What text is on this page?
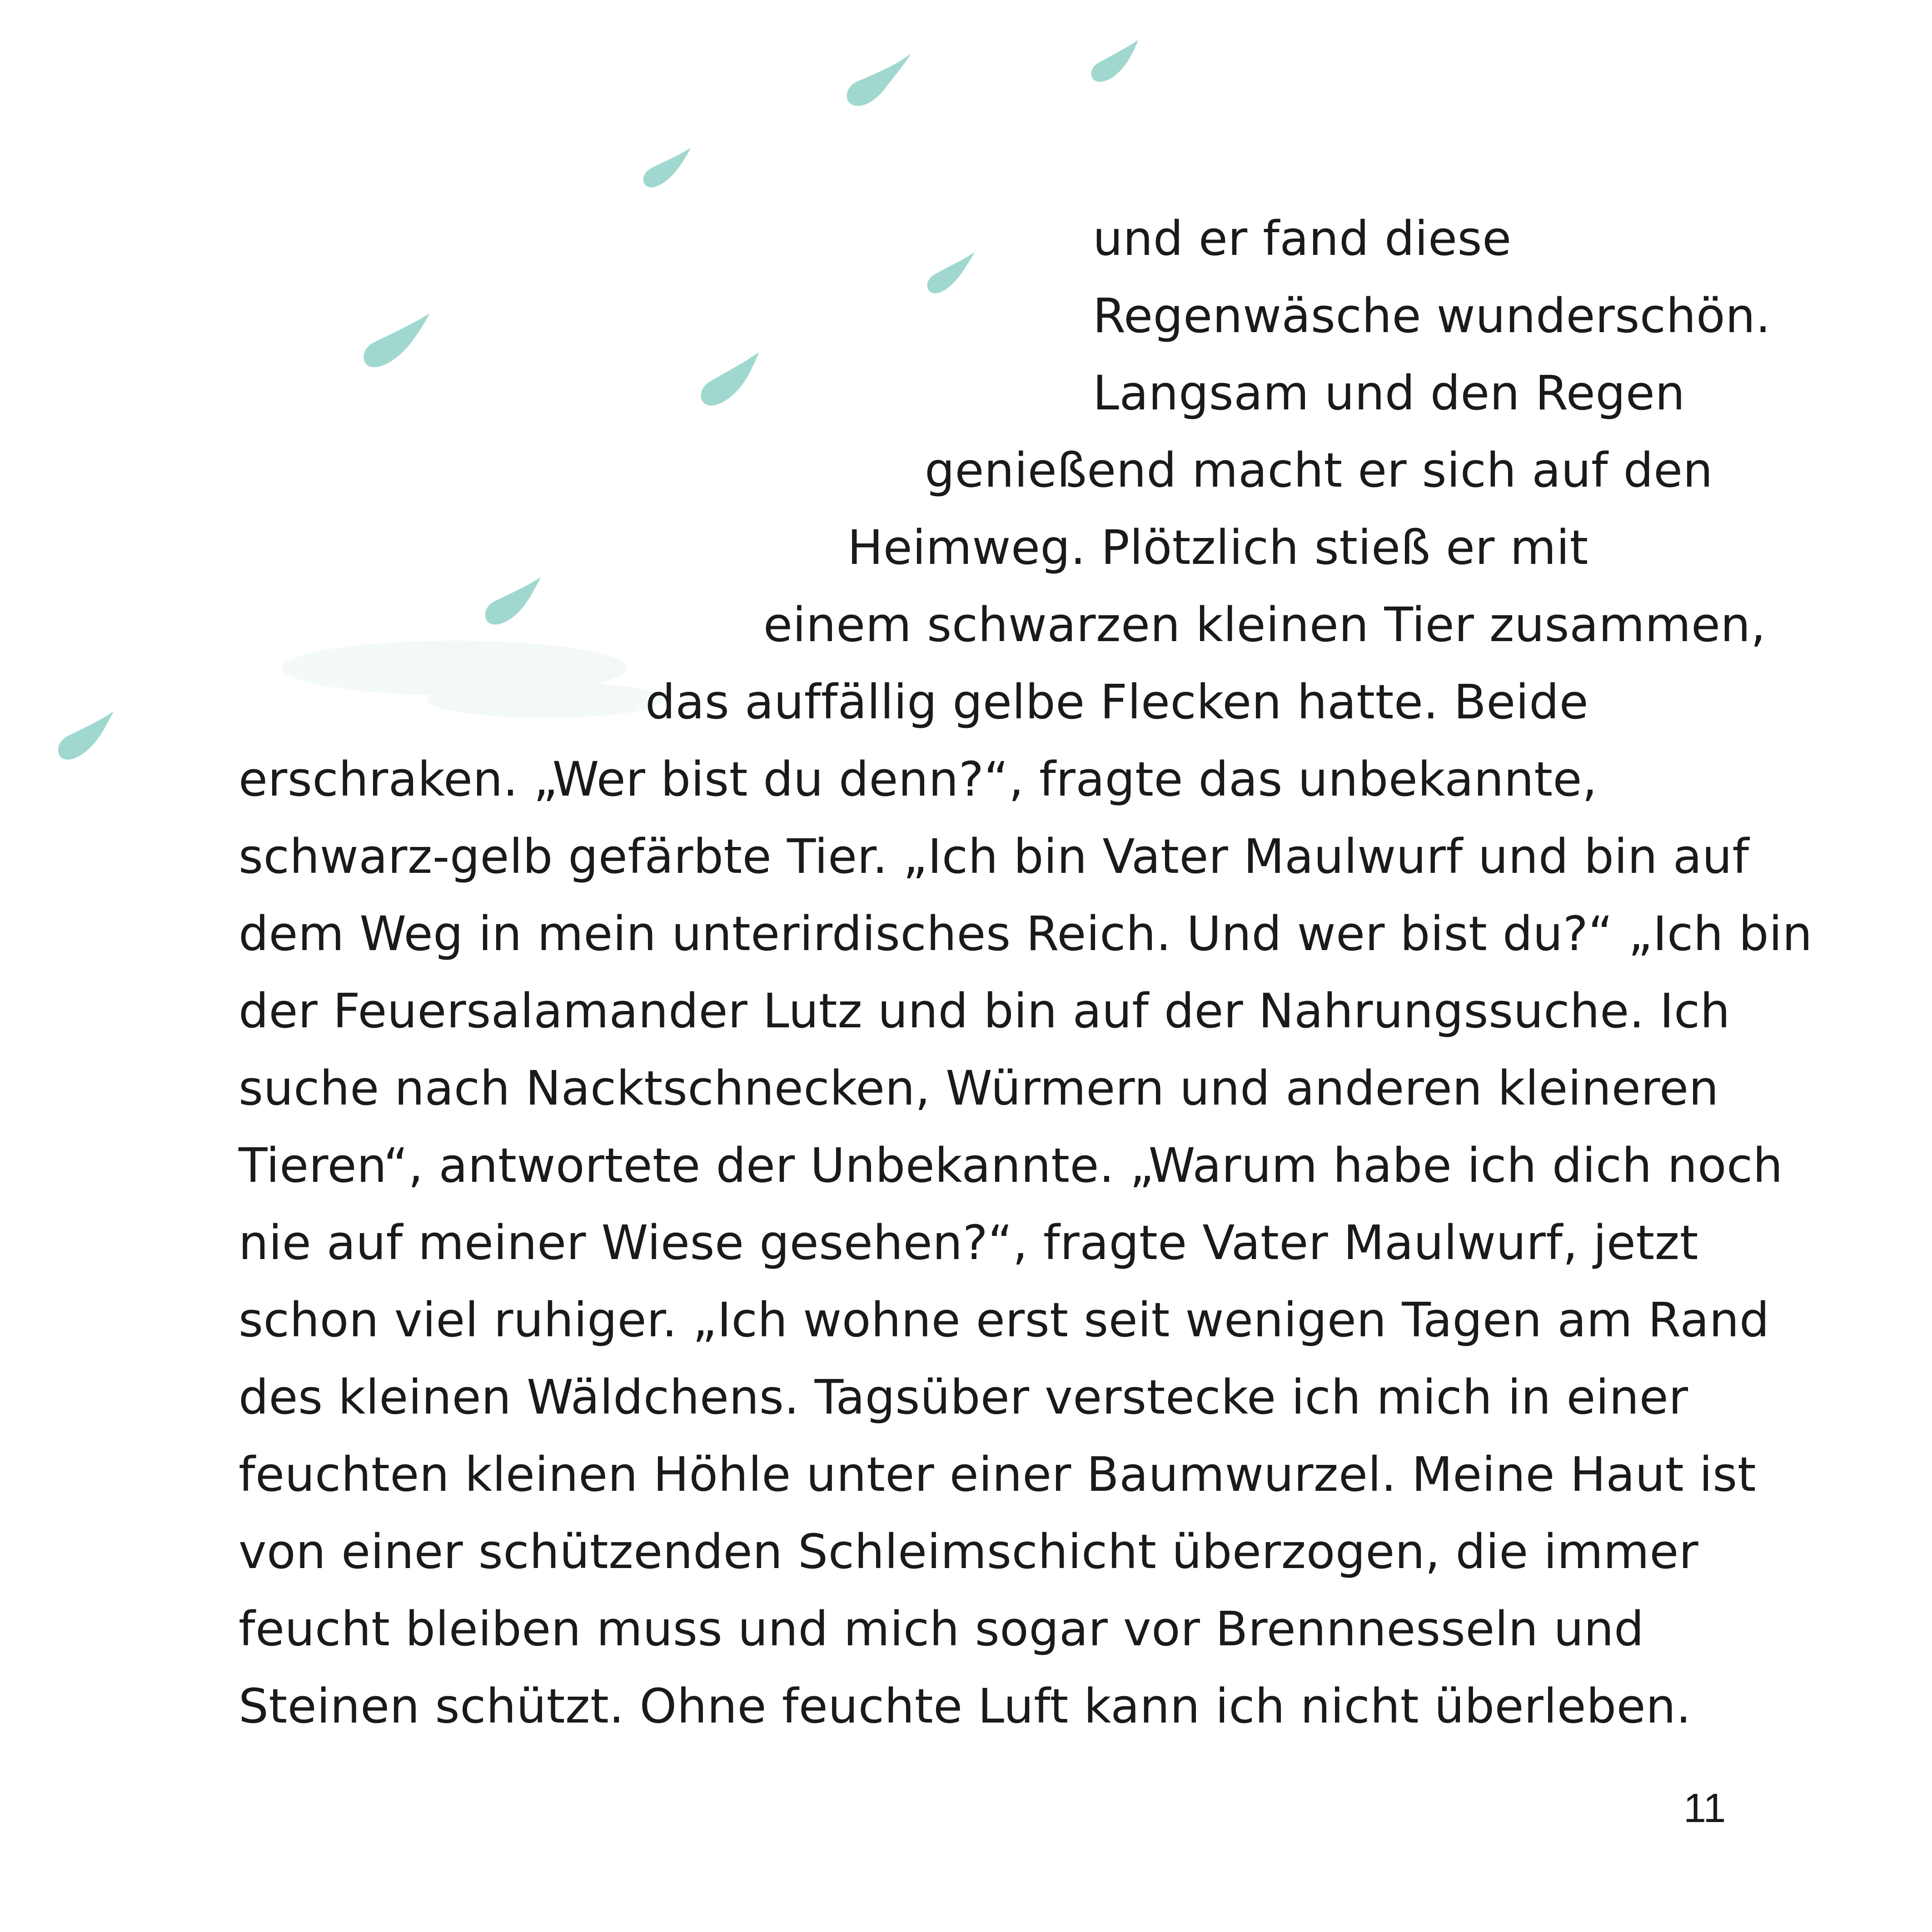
und er fand diese
Regenwäsche wunderschön.
Langsam und den Regen
genießend macht er sich auf den
Heimweg. Plötzlich stieß er mit
einem schwarzen kleinen Tier zusammen,
das auffällig gelbe Flecken hatte. Beide
erschraken. „Wer bist du denn?“, fragte das unbekannte,
schwarz-gelb gefärbte Tier. „Ich bin Vater Maulwurf und bin auf
dem Weg in mein unterirdisches Reich. Und wer bist du?“ „Ich bin
der Feuersalamander Lutz und bin auf der Nahrungssuche. Ich
suche nach Nacktschnecken, Würmern und anderen kleineren
Tieren“, antwortete der Unbekannte. „Warum habe ich dich noch
nie auf meiner Wiese gesehen?“, fragte Vater Maulwurf, jetzt
schon viel ruhiger. „Ich wohne erst seit wenigen Tagen am Rand
des kleinen Wäldchens. Tagsüber verstecke ich mich in einer
feuchten kleinen Höhle unter einer Baumwurzel. Meine Haut ist
von einer schützenden Schleimschicht überzogen, die immer
feucht bleiben muss und mich sogar vor Brennnesseln und
Steinen schützt. Ohne feuchte Luft kann ich nicht überleben.
11
